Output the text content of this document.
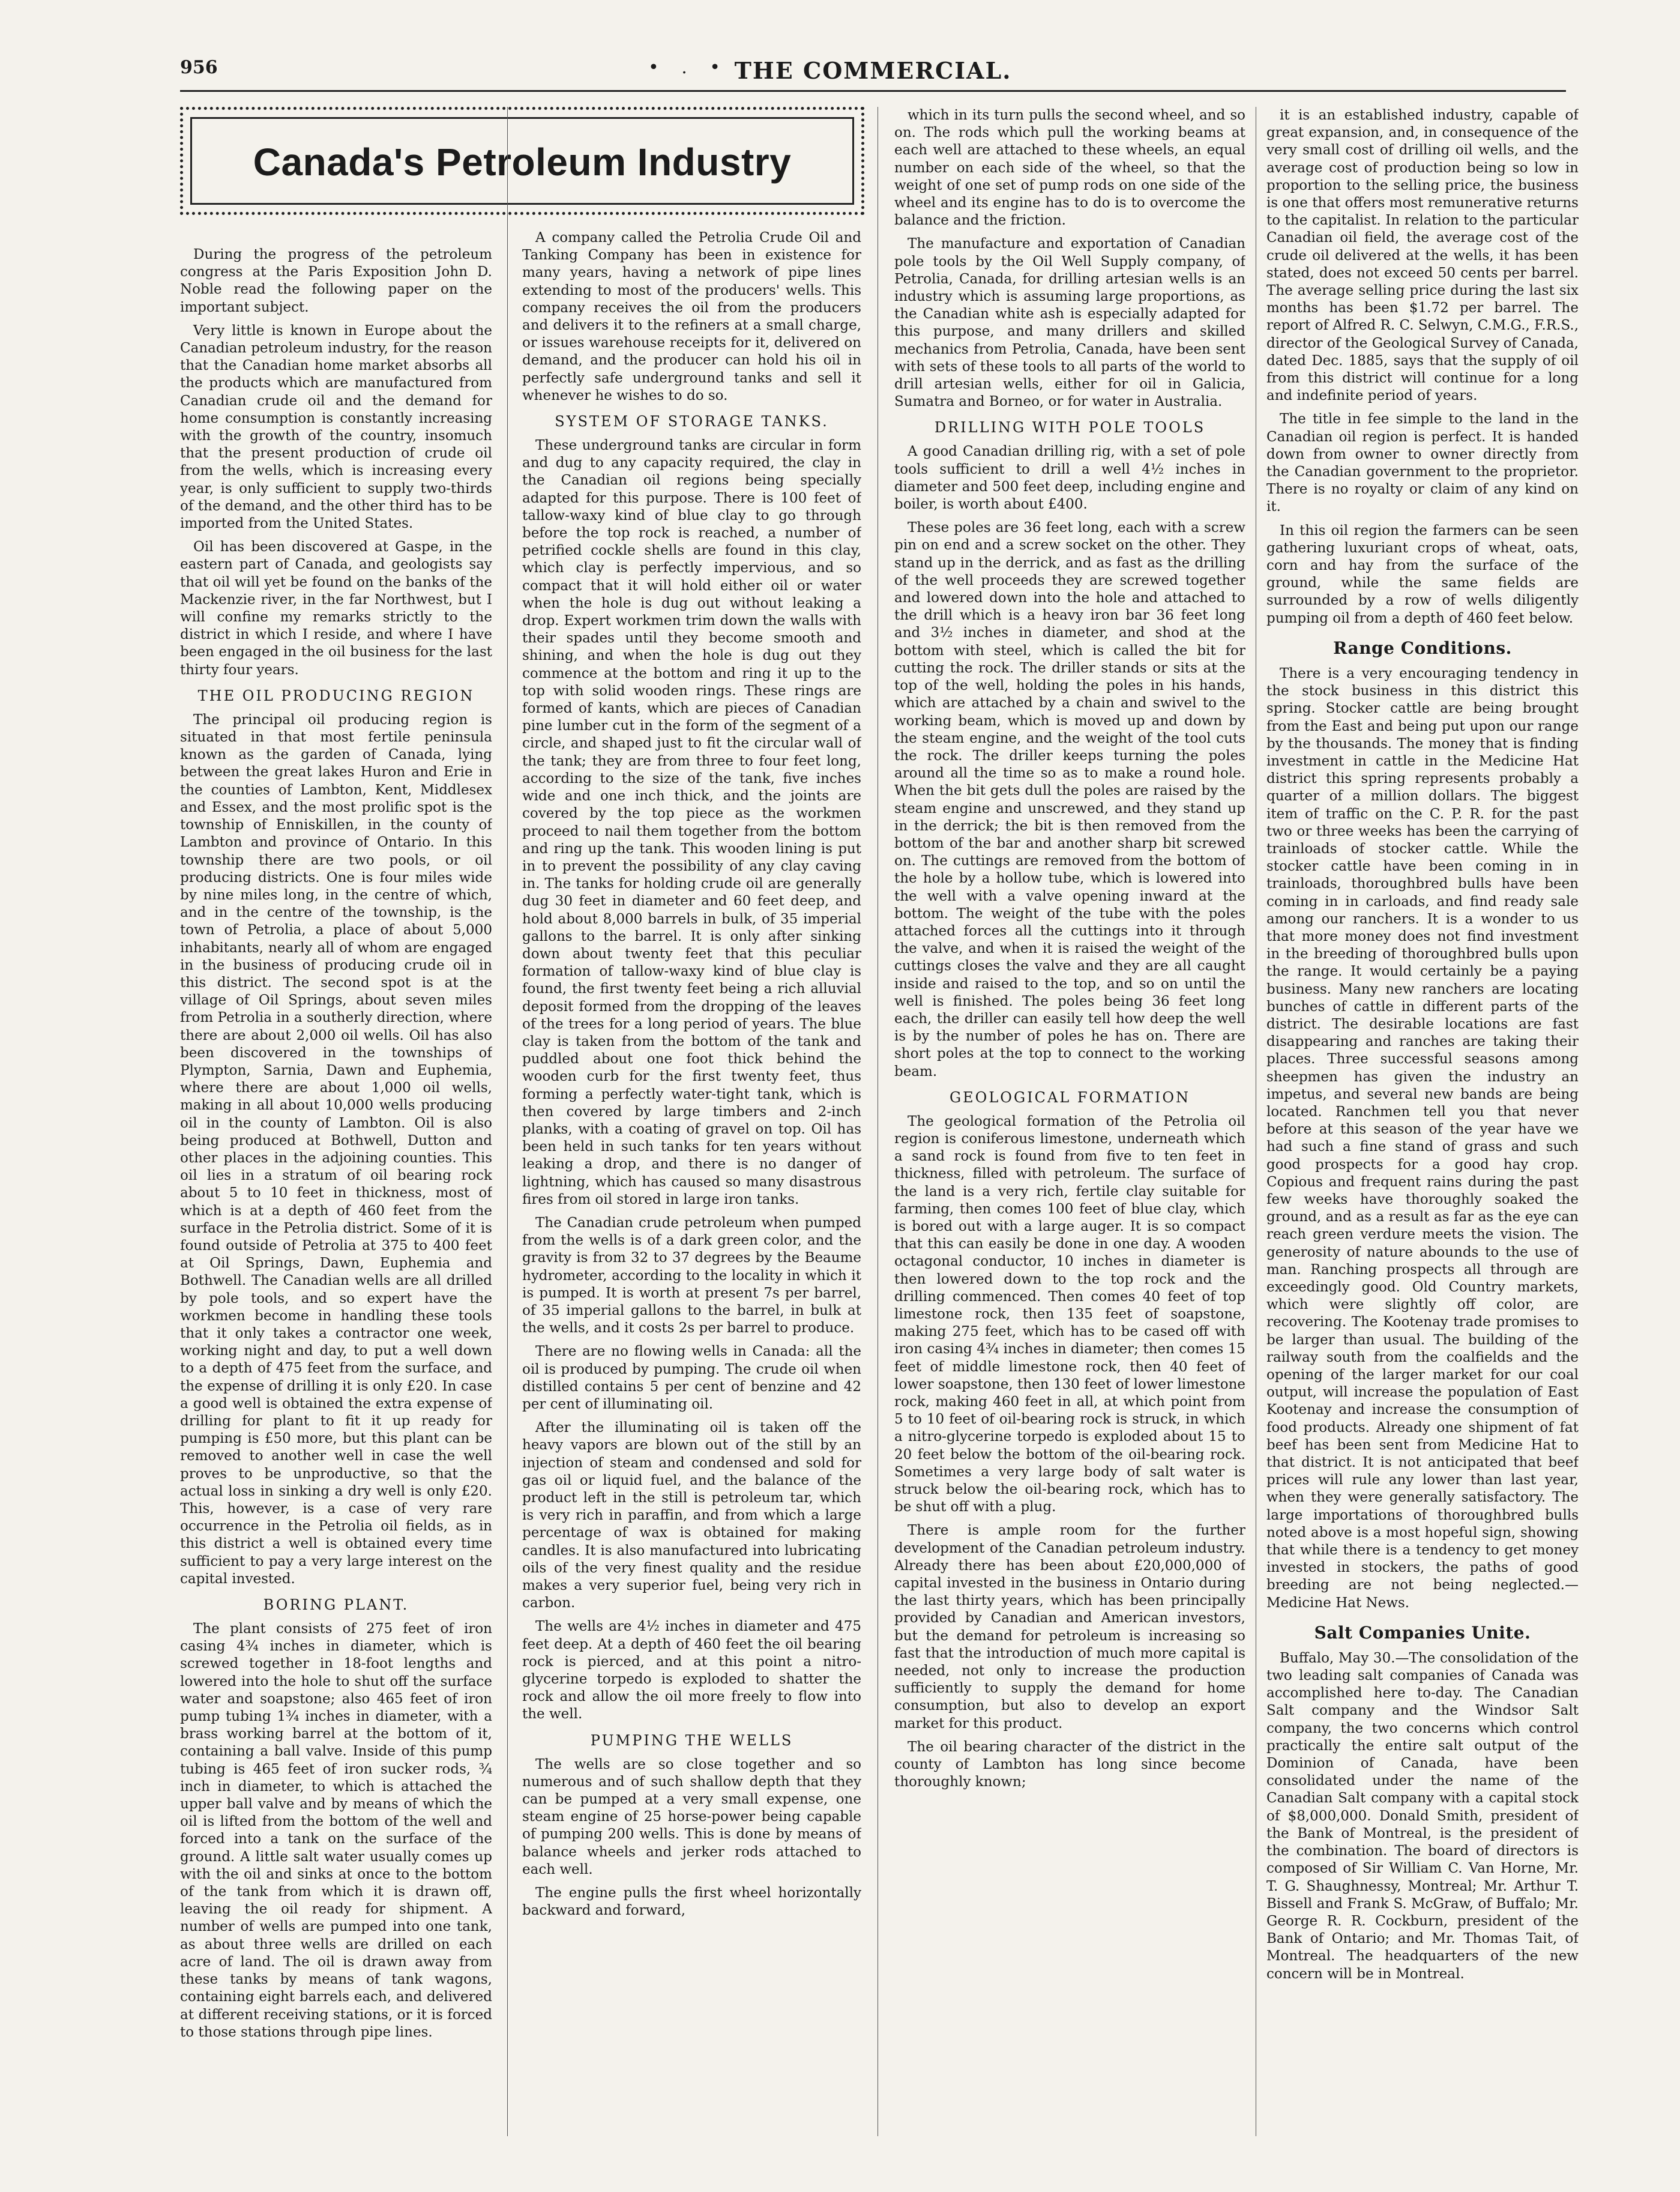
956	• . • THE COMMERCIAL.
Canada's Petroleum Industry

During the progress of the petroleum congress at the Paris Exposition John D. Noble read the following paper on the important subject.

Very little is known in Europe about the Canadian petroleum industry, for the reason that the Canadian home market absorbs all the products which are manufactured from Canadian crude oil and the demand for home consumption is constantly increasing with the growth of the country, insomuch that the present production of crude oil from the wells, which is increasing every year, is only sufficient to supply two-thirds of the demand, and the other third has to be imported from the United States.

Oil has been discovered at Gaspe, in the eastern part of Canada, and geologists say that oil will yet be found on the banks of the Mackenzie river, in the far Northwest, but I will confine my remarks strictly to the district in which I reside, and where I have been engaged in the oil business for the last thirty four years.

THE OIL PRODUCING REGION

The principal oil producing region is situated in that most fertile peninsula known as the garden of Canada, lying between the great lakes Huron and Erie in the counties of Lambton, Kent, Middlesex and Essex, and the most prolific spot is the township of Enniskillen, in the county of Lambton and province of Ontario. In this township there are two pools, or oil producing districts. One is four miles wide by nine miles long, in the centre of which, and in the centre of the township, is the town of Petrolia, a place of about 5,000 inhabitants, nearly all of whom are engaged in the business of producing crude oil in this district. The second spot is at the village of Oil Springs, about seven miles from Petrolia in a southerly direction, where there are about 2,000 oil wells. Oil has also been discovered in the townships of Plympton, Sarnia, Dawn and Euphemia, where there are about 1,000 oil wells, making in all about 10,000 wells producing oil in the county of Lambton. Oil is also being produced at Bothwell, Dutton and other places in the adjoining counties. This oil lies in a stratum of oil bearing rock about 5 to 10 feet in thickness, most of which is at a depth of 460 feet from the surface in the Petrolia district. Some of it is found outside of Petrolia at 375 to 400 feet at Oil Springs, Dawn, Euphemia and Bothwell. The Canadian wells are all drilled by pole tools, and so expert have the workmen become in handling these tools that it only takes a contractor one week, working night and day, to put a well down to a depth of 475 feet from the surface, and the expense of drilling it is only £20. In case a good well is obtained the extra expense of drilling for plant to fit it up ready for pumping is £50 more, but this plant can be removed to another well in case the well proves to be unproductive, so that the actual loss in sinking a dry well is only £20. This, however, is a case of very rare occurrence in the Petrolia oil fields, as in this district a well is obtained every time sufficient to pay a very large interest on the capital invested.

BORING PLANT.

The plant consists of 275 feet of iron casing 4¾ inches in diameter, which is screwed together in 18-foot lengths and lowered into the hole to shut off the surface water and soapstone; also 465 feet of iron pump tubing 1¾ inches in diameter, with a brass working barrel at the bottom of it, containing a ball valve. Inside of this pump tubing is 465 feet of iron sucker rods, ¾ inch in diameter, to which is attached the upper ball valve and by means of which the oil is lifted from the bottom of the well and forced into a tank on the surface of the ground. A little salt water usually comes up with the oil and sinks at once to the bottom of the tank from which it is drawn off, leaving the oil ready for shipment. A number of wells are pumped into one tank, as about three wells are drilled on each acre of land. The oil is drawn away from these tanks by means of tank wagons, containing eight barrels each, and delivered at different receiving stations, or it is forced to those stations through pipe lines.

A company called the Petrolia Crude Oil and Tanking Company has been in existence for many years, having a network of pipe lines extending to most of the producers' wells. This company receives the oil from the producers and delivers it to the refiners at a small charge, or issues warehouse receipts for it, delivered on demand, and the producer can hold his oil in perfectly safe underground tanks and sell it whenever he wishes to do so.

SYSTEM OF STORAGE TANKS.

These underground tanks are circular in form and dug to any capacity required, the clay in the Canadian oil regions being specially adapted for this purpose. There is 100 feet of tallow-waxy kind of blue clay to go through before the top rock is reached, a number of petrified cockle shells are found in this clay, which clay is perfectly impervious, and so compact that it will hold either oil or water when the hole is dug out without leaking a drop. Expert workmen trim down the walls with their spades until they become smooth and shining, and when the hole is dug out they commence at the bottom and ring it up to the top with solid wooden rings. These rings are formed of kants, which are pieces of Canadian pine lumber cut in the form of the segment of a circle, and shaped just to fit the circular wall of the tank; they are from three to four feet long, according to the size of the tank, five inches wide and one inch thick, and the joints are covered by the top piece as the workmen proceed to nail them together from the bottom and ring up the tank. This wooden lining is put in to prevent the possibility of any clay caving in. The tanks for holding crude oil are generally dug 30 feet in diameter and 60 feet deep, and hold about 8,000 barrels in bulk, of 35 imperial gallons to the barrel. It is only after sinking down about twenty feet that this peculiar formation of tallow-waxy kind of blue clay is found, the first twenty feet being a rich alluvial deposit formed from the dropping of the leaves of the trees for a long period of years. The blue clay is taken from the bottom of the tank and puddled about one foot thick behind the wooden curb for the first twenty feet, thus forming a perfectly water-tight tank, which is then covered by large timbers and 2-inch planks, with a coating of gravel on top. Oil has been held in such tanks for ten years without leaking a drop, and there is no danger of lightning, which has caused so many disastrous fires from oil stored in large iron tanks.

The Canadian crude petroleum when pumped from the wells is of a dark green color, and the gravity is from 32 to 37 degrees by the Beaume hydrometer, according to the locality in which it is pumped. It is worth at present 7s per barrel, of 35 imperial gallons to the barrel, in bulk at the wells, and it costs 2s per barrel to produce.

There are no flowing wells in Canada: all the oil is produced by pumping. The crude oil when distilled contains 5 per cent of benzine and 42 per cent of illuminating oil.

After the illuminating oil is taken off the heavy vapors are blown out of the still by an injection of steam and condensed and sold for gas oil or liquid fuel, and the balance of the product left in the still is petroleum tar, which is very rich in paraffin, and from which a large percentage of wax is obtained for making candles. It is also manufactured into lubricating oils of the very finest quality and the residue makes a very superior fuel, being very rich in carbon.

The wells are 4½ inches in diameter and 475 feet deep. At a depth of 460 feet the oil bearing rock is pierced, and at this point a nitro-glycerine torpedo is exploded to shatter the rock and allow the oil more freely to flow into the well.

PUMPING THE WELLS

The wells are so close together and so numerous and of such shallow depth that they can be pumped at a very small expense, one steam engine of 25 horse-power being capable of pumping 200 wells. This is done by means of balance wheels and jerker rods attached to each well.

The engine pulls the first wheel horizontally backward and forward,

which in its turn pulls the second wheel, and so on. The rods which pull the working beams at each well are attached to these wheels, an equal number on each side of the wheel, so that the weight of one set of pump rods on one side of the wheel and its engine has to do is to overcome the balance and the friction.

The manufacture and exportation of Canadian pole tools by the Oil Well Supply company, of Petrolia, Canada, for drilling artesian wells is an industry which is assuming large proportions, as the Canadian white ash is especially adapted for this purpose, and many drillers and skilled mechanics from Petrolia, Canada, have been sent with sets of these tools to all parts of the world to drill artesian wells, either for oil in Galicia, Sumatra and Borneo, or for water in Australia.

DRILLING WITH POLE TOOLS

A good Canadian drilling rig, with a set of pole tools sufficient to drill a well 4½ inches in diameter and 500 feet deep, including engine and boiler, is worth about £400.

These poles are 36 feet long, each with a screw pin on end and a screw socket on the other. They stand up in the derrick, and as fast as the drilling of the well proceeds they are screwed together and lowered down into the hole and attached to the drill which is a heavy iron bar 36 feet long and 3½ inches in diameter, and shod at the bottom with steel, which is called the bit for cutting the rock. The driller stands or sits at the top of the well, holding the poles in his hands, which are attached by a chain and swivel to the working beam, which is moved up and down by the steam engine, and the weight of the tool cuts the rock. The driller keeps turning the poles around all the time so as to make a round hole. When the bit gets dull the poles are raised by the steam engine and unscrewed, and they stand up in the derrick; the bit is then removed from the bottom of the bar and another sharp bit screwed on. The cuttings are removed from the bottom of the hole by a hollow tube, which is lowered into the well with a valve opening inward at the bottom. The weight of the tube with the poles attached forces all the cuttings into it through the valve, and when it is raised the weight of the cuttings closes the valve and they are all caught inside and raised to the top, and so on until the well is finished. The poles being 36 feet long each, the driller can easily tell how deep the well is by the number of poles he has on. There are short poles at the top to connect to the working beam.

GEOLOGICAL FORMATION

The geological formation of the Petrolia oil region is coniferous limestone, underneath which a sand rock is found from five to ten feet in thickness, filled with petroleum. The surface of the land is a very rich, fertile clay suitable for farming, then comes 100 feet of blue clay, which is bored out with a large auger. It is so compact that this can easily be done in one day. A wooden octagonal conductor, 10 inches in diameter is then lowered down to the top rock and the drilling commenced. Then comes 40 feet of top limestone rock, then 135 feet of soapstone, making 275 feet, which has to be cased off with iron casing 4¾ inches in diameter; then comes 15 feet of middle limestone rock, then 40 feet of lower soapstone, then 130 feet of lower limestone rock, making 460 feet in all, at which point from 5 to 10 feet of oil-bearing rock is struck, in which a nitro-glycerine torpedo is exploded about 15 to 20 feet below the bottom of the oil-bearing rock. Sometimes a very large body of salt water is struck below the oil-bearing rock, which has to be shut off with a plug.

There is ample room for the further development of the Canadian petroleum industry. Already there has been about £20,000,000 of capital invested in the business in Ontario during the last thirty years, which has been principally provided by Canadian and American investors, but the demand for petroleum is increasing so fast that the introduction of much more capital is needed, not only to increase the production sufficiently to supply the demand for home consumption, but also to develop an export market for this product.

The oil bearing character of the district in the county of Lambton has long since become thoroughly known;

it is an established industry, capable of great expansion, and, in consequence of the very small cost of drilling oil wells, and the average cost of production being so low in proportion to the selling price, the business is one that offers most remunerative returns to the capitalist. In relation to the particular Canadian oil field, the average cost of the crude oil delivered at the wells, it has been stated, does not exceed 50 cents per barrel. The average selling price during the last six months has been $1.72 per barrel. The report of Alfred R. C. Selwyn, C.M.G., F.R.S., director of the Geological Survey of Canada, dated Dec. 1885, says that the supply of oil from this district will continue for a long and indefinite period of years.

The title in fee simple to the land in the Canadian oil region is perfect. It is handed down from owner to owner directly from the Canadian government to the proprietor. There is no royalty or claim of any kind on it.

In this oil region the farmers can be seen gathering luxuriant crops of wheat, oats, corn and hay from the surface of the ground, while the same fields are surrounded by a row of wells diligently pumping oil from a depth of 460 feet below.

Range Conditions.

There is a very encouraging tendency in the stock business in this district this spring. Stocker cattle are being brought from the East and being put upon our range by the thousands. The money that is finding investment in cattle in the Medicine Hat district this spring represents probably a quarter of a million dollars. The biggest item of traffic on the C. P. R. for the past two or three weeks has been the carrying of trainloads of stocker cattle. While the stocker cattle have been coming in in trainloads, thoroughbred bulls have been coming in in carloads, and find ready sale among our ranchers. It is a wonder to us that more money does not find investment in the breeding of thoroughbred bulls upon the range. It would certainly be a paying business. Many new ranchers are locating bunches of cattle in different parts of the district. The desirable locations are fast disappearing and ranches are taking their places. Three successful seasons among sheepmen has given the industry an impetus, and several new bands are being located. Ranchmen tell you that never before at this season of the year have we had such a fine stand of grass and such good prospects for a good hay crop. Copious and frequent rains during the past few weeks have thoroughly soaked the ground, and as a result as far as the eye can reach green verdure meets the vision. The generosity of nature abounds to the use of man. Ranching prospects all through are exceedingly good. Old Country markets, which were slightly off color, are recovering. The Kootenay trade promises to be larger than usual. The building of the railway south from the coalfields and the opening of the larger market for our coal output, will increase the population of East Kootenay and increase the consumption of food products. Already one shipment of fat beef has been sent from Medicine Hat to that district. It is not anticipated that beef prices will rule any lower than last year, when they were generally satisfactory. The large importations of thoroughbred bulls noted above is a most hopeful sign, showing that while there is a tendency to get money invested in stockers, the paths of good breeding are not being neglected.—Medicine Hat News.

Salt Companies Unite.

Buffalo, May 30.—The consolidation of the two leading salt companies of Canada was accomplished here to-day. The Canadian Salt company and the Windsor Salt company, the two concerns which control practically the entire salt output of the Dominion of Canada, have been consolidated under the name of the Canadian Salt company with a capital stock of $8,000,000. Donald Smith, president of the Bank of Montreal, is the president of the combination. The board of directors is composed of Sir William C. Van Horne, Mr. T. G. Shaughnessy, Montreal; Mr. Arthur T. Bissell and Frank S. McGraw, of Buffalo; Mr. George R. R. Cockburn, president of the Bank of Ontario; and Mr. Thomas Tait, of Montreal. The headquarters of the new concern will be in Montreal.
